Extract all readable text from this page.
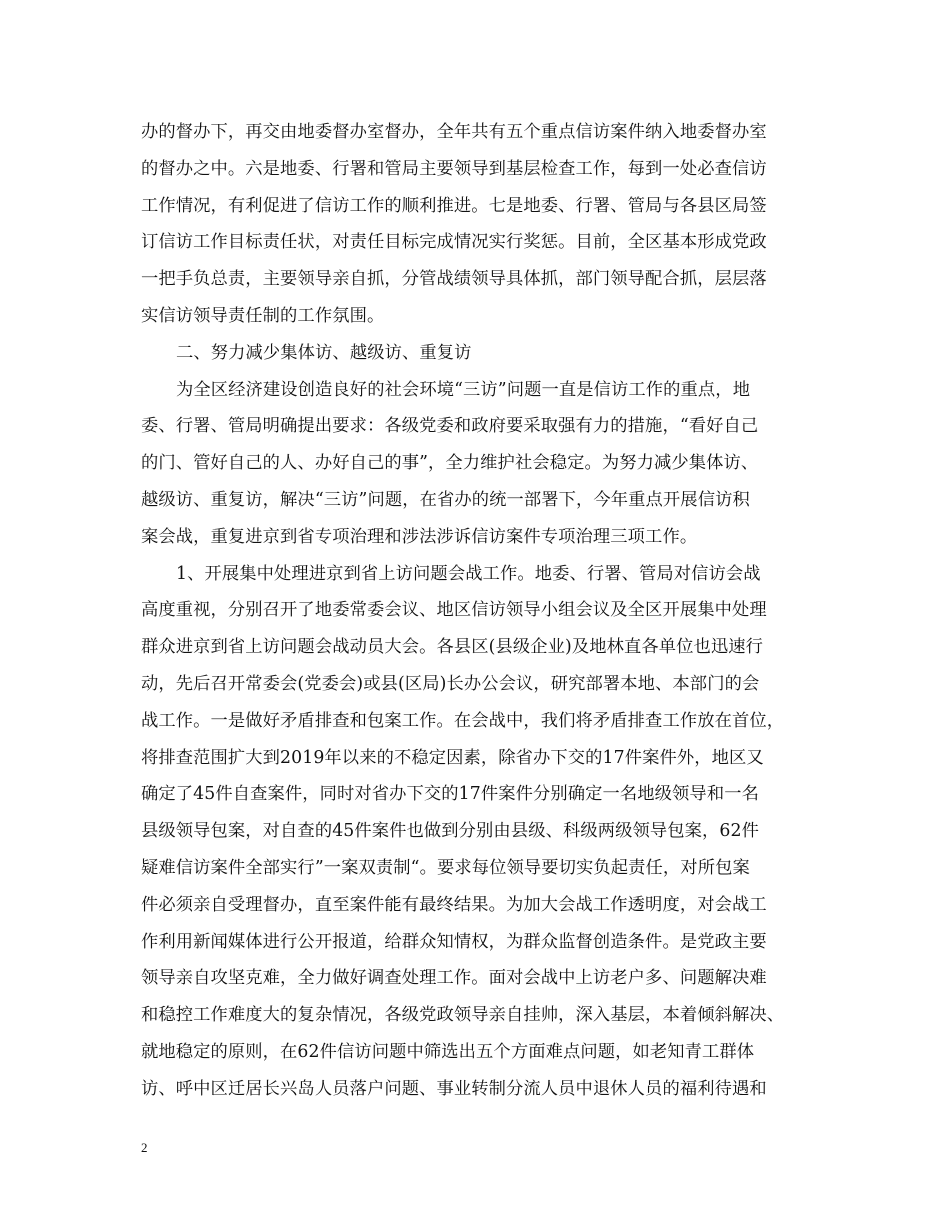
办的督办下，再交由地委督办室督办，全年共有五个重点信访案件纳入地委督办室
的督办之中。六是地委、行署和管局主要领导到基层检查工作，每到一处必查信访
工作情况，有利促进了信访工作的顺利推进。七是地委、行署、管局与各县区局签
订信访工作目标责任状，对责任目标完成情况实行奖惩。目前，全区基本形成党政
一把手负总责，主要领导亲自抓，分管战绩领导具体抓，部门领导配合抓，层层落
实信访领导责任制的工作氛围。
二、努力减少集体访、越级访、重复访
为全区经济建设创造良好的社会环境“三访”问题一直是信访工作的重点，地
委、行署、管局明确提出要求：各级党委和政府要采取强有力的措施，“看好自己
的门、管好自己的人、办好自己的事”，全力维护社会稳定。为努力减少集体访、
越级访、重复访，解决“三访”问题，在省办的统一部署下，今年重点开展信访积
案会战，重复进京到省专项治理和涉法涉诉信访案件专项治理三项工作。
1、开展集中处理进京到省上访问题会战工作。地委、行署、管局对信访会战
高度重视，分别召开了地委常委会议、地区信访领导小组会议及全区开展集中处理
群众进京到省上访问题会战动员大会。各县区(县级企业)及地林直各单位也迅速行
动，先后召开常委会(党委会)或县(区局)长办公会议，研究部署本地、本部门的会
战工作。一是做好矛盾排查和包案工作。在会战中，我们将矛盾排查工作放在首位，
将排查范围扩大到2019年以来的不稳定因素，除省办下交的17件案件外，地区又
确定了45件自查案件，同时对省办下交的17件案件分别确定一名地级领导和一名
县级领导包案，对自查的45件案件也做到分别由县级、科级两级领导包案，62件
疑难信访案件全部实行”一案双责制“。要求每位领导要切实负起责任，对所包案
件必须亲自受理督办，直至案件能有最终结果。为加大会战工作透明度，对会战工
作利用新闻媒体进行公开报道，给群众知情权，为群众监督创造条件。是党政主要
领导亲自攻坚克难，全力做好调查处理工作。面对会战中上访老户多、问题解决难
和稳控工作难度大的复杂情况，各级党政领导亲自挂帅，深入基层，本着倾斜解决、
就地稳定的原则，在62件信访问题中筛选出五个方面难点问题，如老知青工群体
访、呼中区迁居长兴岛人员落户问题、事业转制分流人员中退休人员的福利待遇和
2
